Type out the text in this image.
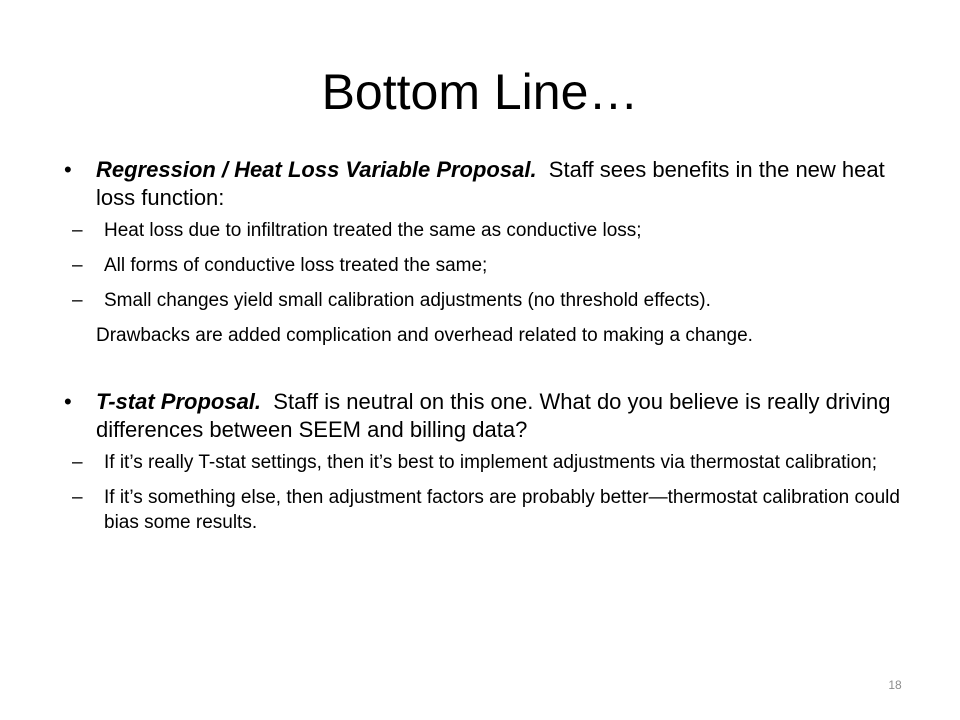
Bottom Line…
• Regression / Heat Loss Variable Proposal. Staff sees benefits in the new heat loss function:
– Heat loss due to infiltration treated the same as conductive loss;
– All forms of conductive loss treated the same;
– Small changes yield small calibration adjustments (no threshold effects).
Drawbacks are added complication and overhead related to making a change.
• T-stat Proposal. Staff is neutral on this one. What do you believe is really driving differences between SEEM and billing data?
– If it’s really T-stat settings, then it’s best to implement adjustments via thermostat calibration;
– If it’s something else, then adjustment factors are probably better—thermostat calibration could bias some results.
18
